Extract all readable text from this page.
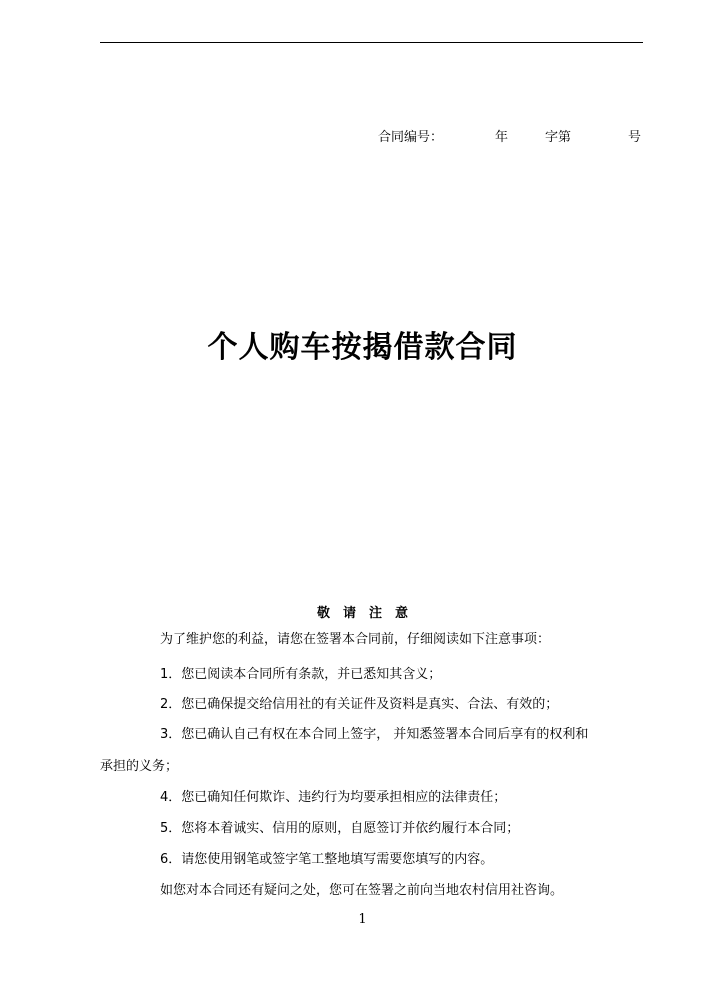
合同编号：	年	字第	号
个人购车按揭借款合同
敬请注意
为了维护您的利益，请您在签署本合同前，仔细阅读如下注意事项：
1．您已阅读本合同所有条款，并已悉知其含义；
2．您已确保提交给信用社的有关证件及资料是真实、合法、有效的；
3．您已确认自己有权在本合同上签字， 并知悉签署本合同后享有的权利和
承担的义务；
4．您已确知任何欺诈、违约行为均要承担相应的法律责任；
5．您将本着诚实、信用的原则，自愿签订并依约履行本合同；
6．请您使用钢笔或签字笔工整地填写需要您填写的内容。
如您对本合同还有疑问之处，您可在签署之前向当地农村信用社咨询。
1
